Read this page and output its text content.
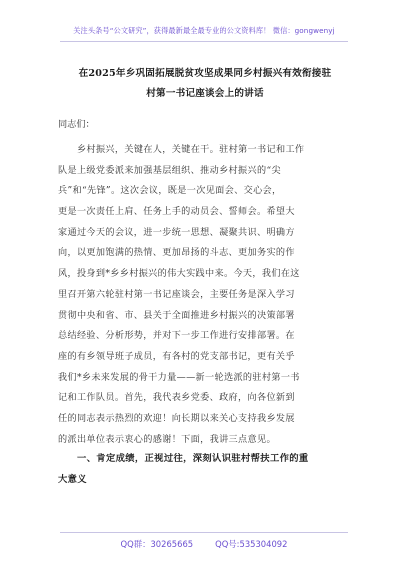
关注头条号“公文研究”，获得最新最全最专业的公文资料库！ 微信：gongwenyj
在2025年乡巩固拓展脱贫攻坚成果同乡村振兴有效衔接驻
村第一书记座谈会上的讲话
同志们：
乡村振兴，关键在人，关键在干。驻村第一书记和工作
队是上级党委派来加强基层组织、推动乡村振兴的“尖
兵”和“先锋”。这次会议，既是一次见面会、交心会，
更是一次责任上肩、任务上手的动员会、誓师会。希望大
家通过今天的会议，进一步统一思想、凝聚共识、明确方
向，以更加饱满的热情、更加昂扬的斗志、更加务实的作
风，投身到*乡乡村振兴的伟大实践中来。今天，我们在这
里召开第六轮驻村第一书记座谈会，主要任务是深入学习
贯彻中央和省、市、县关于全面推进乡村振兴的决策部署
总结经验、分析形势，并对下一步工作进行安排部署。在
座的有乡领导班子成员，有各村的党支部书记，更有关乎
我们*乡未来发展的骨干力量——新一轮选派的驻村第一书
记和工作队员。首先，我代表乡党委、政府，向各位新到
任的同志表示热烈的欢迎！向长期以来关心支持我乡发展
的派出单位表示衷心的感谢！下面，我讲三点意见。
一、肯定成绩，正视过往，深刻认识驻村帮扶工作的重
大意义
QQ群：30265665	QQ号:535304092
